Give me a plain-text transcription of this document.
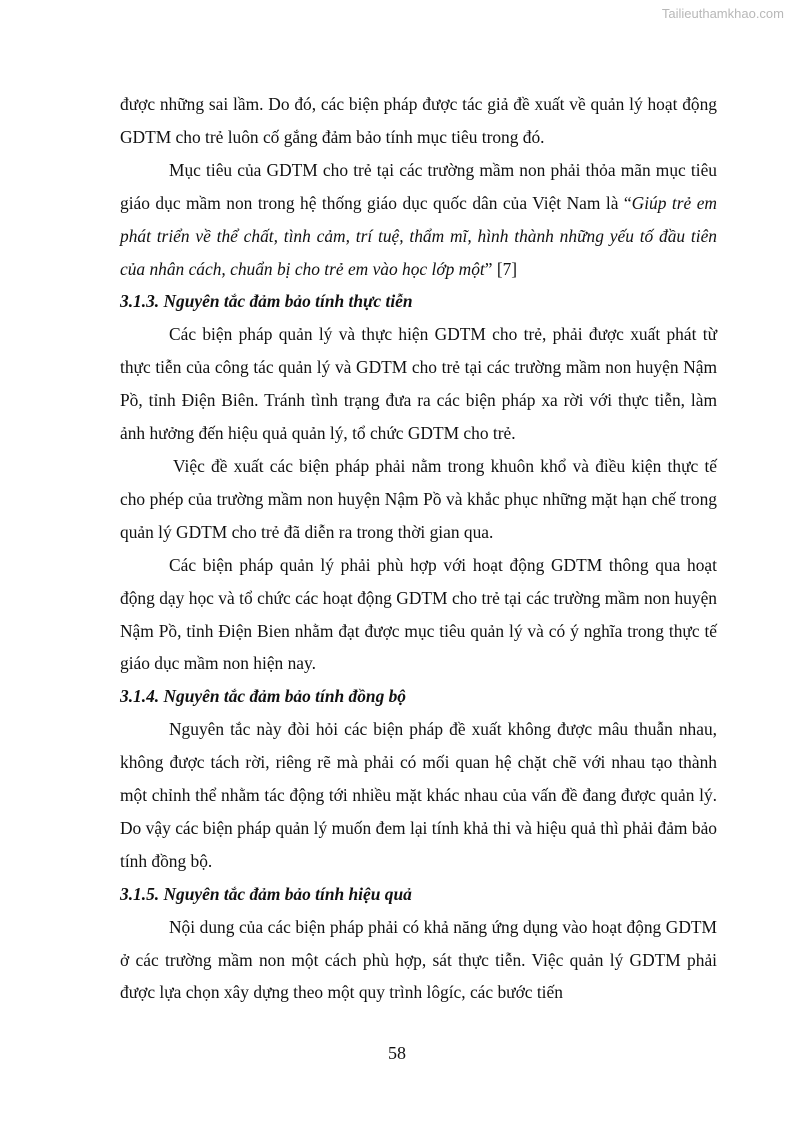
Tailieuthamkhao.com

được những sai lầm. Do đó, các biện pháp được tác giả đề xuất về quản lý hoạt động GDTM cho trẻ luôn cố gắng đảm bảo tính mục tiêu trong đó.

Mục tiêu của GDTM cho trẻ tại các trường mầm non phải thỏa mãn mục tiêu giáo dục mầm non trong hệ thống giáo dục quốc dân của Việt Nam là “Giúp trẻ em phát triển về thể chất, tình cảm, trí tuệ, thẩm mĩ, hình thành những yếu tố đầu tiên của nhân cách, chuẩn bị cho trẻ em vào học lớp một” [7]

3.1.3. Nguyên tắc đảm bảo tính thực tiễn

Các biện pháp quản lý và thực hiện GDTM cho trẻ, phải được xuất phát từ thực tiễn của công tác quản lý và GDTM cho trẻ tại các trường mầm non huyện Nậm Pồ, tỉnh Điện Biên. Tránh tình trạng đưa ra các biện pháp xa rời với thực tiễn, làm ảnh hưởng đến hiệu quả quản lý, tổ chức GDTM cho trẻ.

Việc đề xuất các biện pháp phải nằm trong khuôn khổ và điều kiện thực tế cho phép của trường mầm non huyện Nậm Pồ và khắc phục những mặt hạn chế trong quản lý GDTM cho trẻ đã diễn ra trong thời gian qua.

Các biện pháp quản lý phải phù hợp với hoạt động GDTM thông qua hoạt động dạy học và tổ chức các hoạt động GDTM cho trẻ tại các trường mầm non huyện Nậm Pồ, tỉnh Điện Bien nhằm đạt được mục tiêu quản lý và có ý nghĩa trong thực tế giáo dục mầm non hiện nay.

3.1.4. Nguyên tắc đảm bảo tính đồng bộ

Nguyên tắc này đòi hỏi các biện pháp đề xuất không được mâu thuẫn nhau, không được tách rời, riêng rẽ mà phải có mối quan hệ chặt chẽ với nhau tạo thành một chỉnh thể nhằm tác động tới nhiều mặt khác nhau của vấn đề đang được quản lý. Do vậy các biện pháp quản lý muốn đem lại tính khả thi và hiệu quả thì phải đảm bảo tính đồng bộ.

3.1.5. Nguyên tắc đảm bảo tính hiệu quả

Nội dung của các biện pháp phải có khả năng ứng dụng vào hoạt động GDTM ở các trường mầm non một cách phù hợp, sát thực tiễn. Việc quản lý GDTM phải được lựa chọn xây dựng theo một quy trình lôgíc, các bước tiến

58
